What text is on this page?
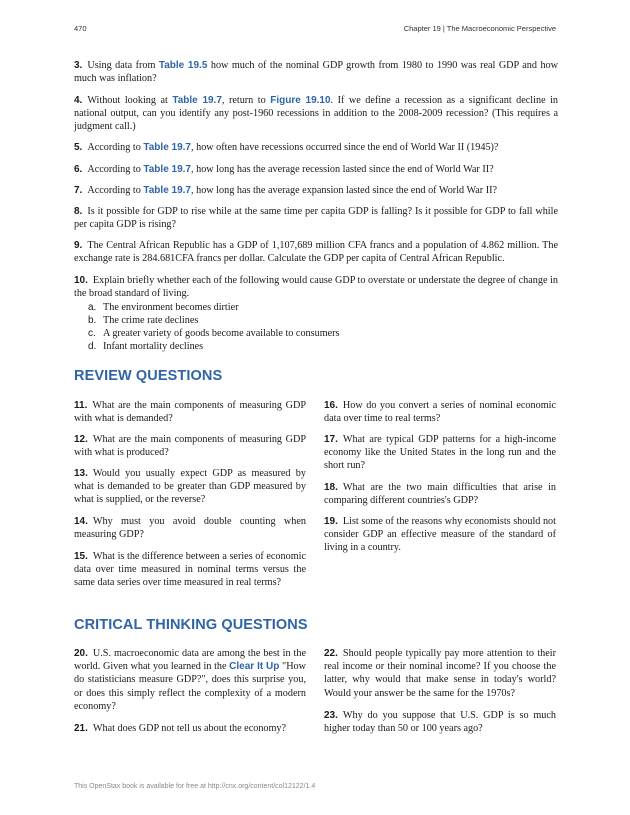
470	Chapter 19 | The Macroeconomic Perspective

3. Using data from Table 19.5 how much of the nominal GDP growth from 1980 to 1990 was real GDP and how much was inflation?

4. Without looking at Table 19.7, return to Figure 19.10. If we define a recession as a significant decline in national output, can you identify any post-1960 recessions in addition to the 2008-2009 recession? (This requires a judgment call.)

5. According to Table 19.7, how often have recessions occurred since the end of World War II (1945)?

6. According to Table 19.7, how long has the average recession lasted since the end of World War II?

7. According to Table 19.7, how long has the average expansion lasted since the end of World War II?

8. Is it possible for GDP to rise while at the same time per capita GDP is falling? Is it possible for GDP to fall while per capita GDP is rising?

9. The Central African Republic has a GDP of 1,107,689 million CFA francs and a population of 4.862 million. The exchange rate is 284.681CFA francs per dollar. Calculate the GDP per capita of Central African Republic.

10. Explain briefly whether each of the following would cause GDP to overstate or understate the degree of change in the broad standard of living.

a. The environment becomes dirtier
b. The crime rate declines
c. A greater variety of goods become available to consumers
d. Infant mortality declines
REVIEW QUESTIONS

11. What are the main components of measuring GDP with what is demanded?

12. What are the main components of measuring GDP with what is produced?

13. Would you usually expect GDP as measured by what is demanded to be greater than GDP measured by what is supplied, or the reverse?

14. Why must you avoid double counting when measuring GDP?

15. What is the difference between a series of economic data over time measured in nominal terms versus the same data series over time measured in real terms?

16. How do you convert a series of nominal economic data over time to real terms?

17. What are typical GDP patterns for a high-income economy like the United States in the long run and the short run?

18. What are the two main difficulties that arise in comparing different countries's GDP?

19. List some of the reasons why economists should not consider GDP an effective measure of the standard of living in a country.

CRITICAL THINKING QUESTIONS

20. U.S. macroeconomic data are among the best in the world. Given what you learned in the Clear It Up "How do statisticians measure GDP?", does this surprise you, or does this simply reflect the complexity of a modern economy?

21. What does GDP not tell us about the economy?

22. Should people typically pay more attention to their real income or their nominal income? If you choose the latter, why would that make sense in today's world? Would your answer be the same for the 1970s?

23. Why do you suppose that U.S. GDP is so much higher today than 50 or 100 years ago?

This OpenStax book is available for free at http://cnx.org/content/col12122/1.4
